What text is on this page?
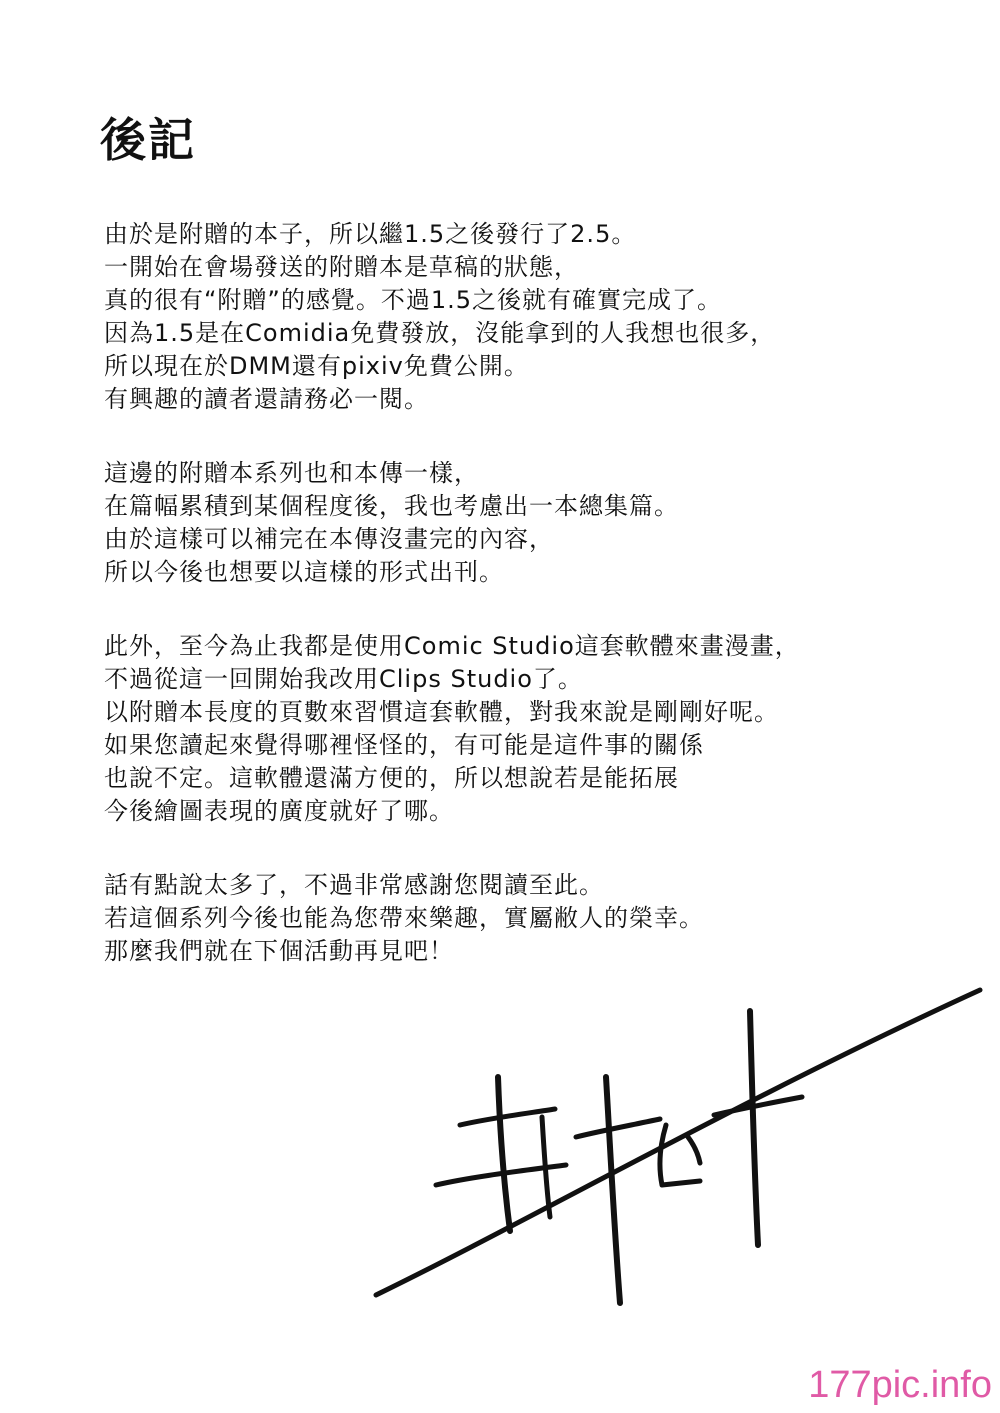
後記

由於是附贈的本子，所以繼1.5之後發行了2.5。
一開始在會場發送的附贈本是草稿的狀態，
真的很有“附贈”的感覺。不過1.5之後就有確實完成了。
因為1.5是在Comidia免費發放，沒能拿到的人我想也很多，
所以現在於DMM還有pixiv免費公開。
有興趣的讀者還請務必一閱。

這邊的附贈本系列也和本傳一樣，
在篇幅累積到某個程度後，我也考慮出一本總集篇。
由於這樣可以補完在本傳沒畫完的內容，
所以今後也想要以這樣的形式出刊。

此外，至今為止我都是使用Comic Studio這套軟體來畫漫畫，
不過從這一回開始我改用Clips Studio了。
以附贈本長度的頁數來習慣這套軟體，對我來說是剛剛好呢。
如果您讀起來覺得哪裡怪怪的，有可能是這件事的關係
也說不定。這軟體還滿方便的，所以想說若是能拓展
今後繪圖表現的廣度就好了哪。

話有點說太多了，不過非常感謝您閱讀至此。
若這個系列今後也能為您帶來樂趣，實屬敝人的榮幸。
那麼我們就在下個活動再見吧！

177pic.info
